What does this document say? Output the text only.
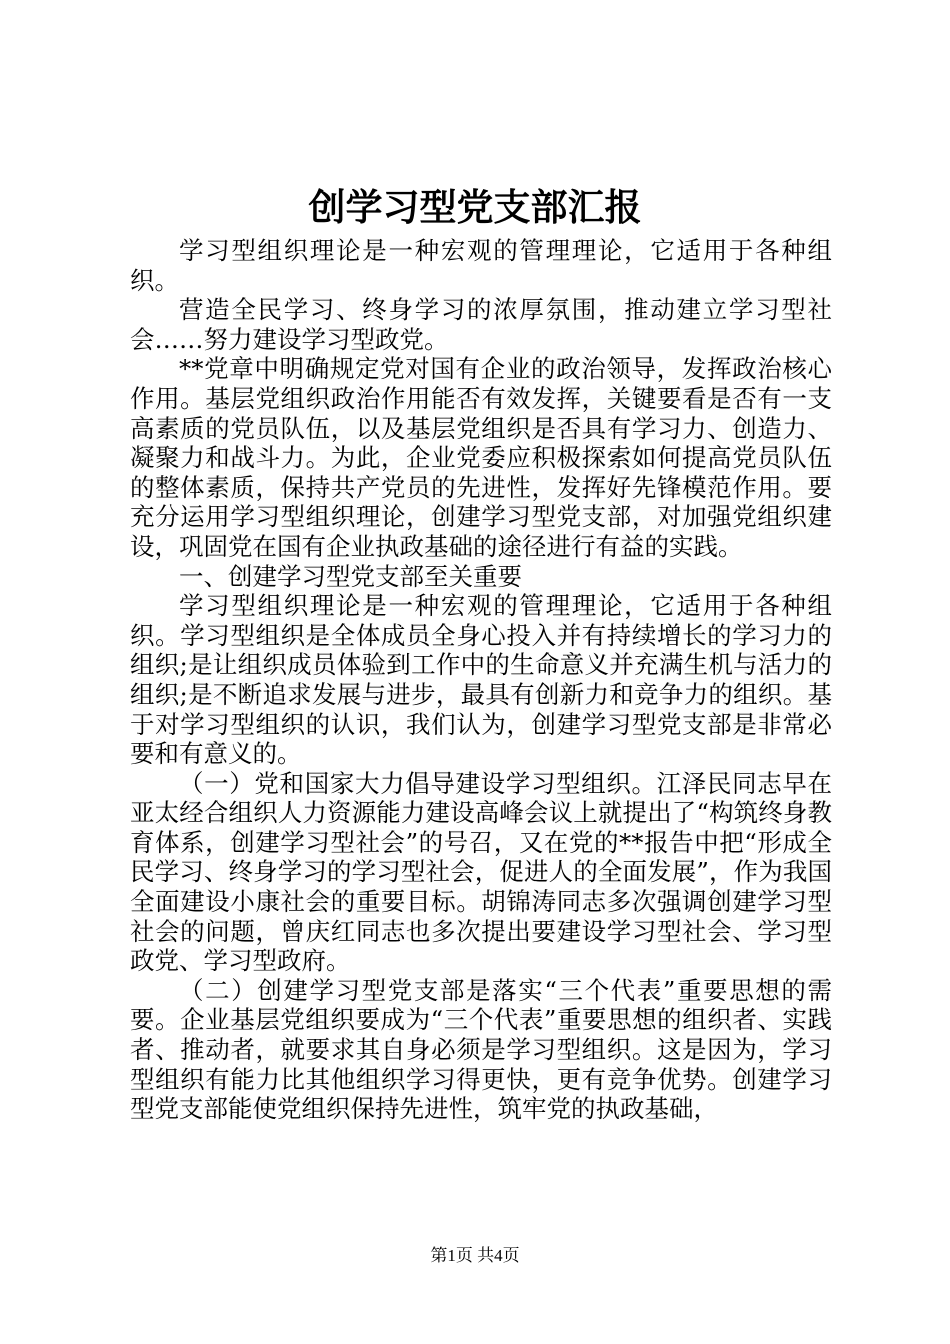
创学习型党支部汇报

学习型组织理论是一种宏观的管理理论，它适用于各种组织。

营造全民学习、终身学习的浓厚氛围，推动建立学习型社会……努力建设学习型政党。

**党章中明确规定党对国有企业的政治领导，发挥政治核心作用。基层党组织政治作用能否有效发挥，关键要看是否有一支高素质的党员队伍，以及基层党组织是否具有学习力、创造力、凝聚力和战斗力。为此，企业党委应积极探索如何提高党员队伍的整体素质，保持共产党员的先进性，发挥好先锋模范作用。要充分运用学习型组织理论，创建学习型党支部，对加强党组织建设，巩固党在国有企业执政基础的途径进行有益的实践。

一、创建学习型党支部至关重要

学习型组织理论是一种宏观的管理理论，它适用于各种组织。学习型组织是全体成员全身心投入并有持续增长的学习力的组织;是让组织成员体验到工作中的生命意义并充满生机与活力的组织;是不断追求发展与进步，最具有创新力和竞争力的组织。基于对学习型组织的认识，我们认为，创建学习型党支部是非常必要和有意义的。

（一）党和国家大力倡导建设学习型组织。江泽民同志早在亚太经合组织人力资源能力建设高峰会议上就提出了“构筑终身教育体系，创建学习型社会”的号召，又在党的**报告中把“形成全民学习、终身学习的学习型社会，促进人的全面发展”，作为我国全面建设小康社会的重要目标。胡锦涛同志多次强调创建学习型社会的问题，曾庆红同志也多次提出要建设学习型社会、学习型政党、学习型政府。

（二）创建学习型党支部是落实“三个代表”重要思想的需要。企业基层党组织要成为“三个代表”重要思想的组织者、实践者、推动者，就要求其自身必须是学习型组织。这是因为，学习型组织有能力比其他组织学习得更快，更有竞争优势。创建学习型党支部能使党组织保持先进性，筑牢党的执政基础，

第1页 共4页
